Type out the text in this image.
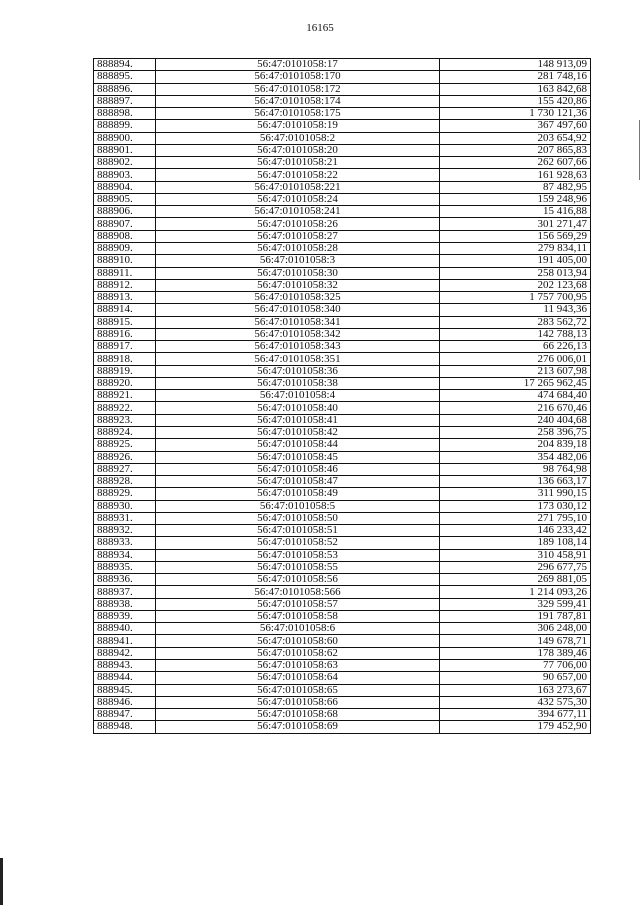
16165
888894.	56:47:0101058:17	148 913,09
888895.	56:47:0101058:170	281 748,16
888896.	56:47:0101058:172	163 842,68
888897.	56:47:0101058:174	155 420,86
888898.	56:47:0101058:175	1 730 121,36
888899.	56:47:0101058:19	367 497,60
888900.	56:47:0101058:2	203 654,92
888901.	56:47:0101058:20	207 865,83
888902.	56:47:0101058:21	262 607,66
888903.	56:47:0101058:22	161 928,63
888904.	56:47:0101058:221	87 482,95
888905.	56:47:0101058:24	159 248,96
888906.	56:47:0101058:241	15 416,88
888907.	56:47:0101058:26	301 271,47
888908.	56:47:0101058:27	156 569,29
888909.	56:47:0101058:28	279 834,11
888910.	56:47:0101058:3	191 405,00
888911.	56:47:0101058:30	258 013,94
888912.	56:47:0101058:32	202 123,68
888913.	56:47:0101058:325	1 757 700,95
888914.	56:47:0101058:340	11 943,36
888915.	56:47:0101058:341	283 562,72
888916.	56:47:0101058:342	142 788,13
888917.	56:47:0101058:343	66 226,13
888918.	56:47:0101058:351	276 006,01
888919.	56:47:0101058:36	213 607,98
888920.	56:47:0101058:38	17 265 962,45
888921.	56:47:0101058:4	474 684,40
888922.	56:47:0101058:40	216 670,46
888923.	56:47:0101058:41	240 404,68
888924.	56:47:0101058:42	258 396,75
888925.	56:47:0101058:44	204 839,18
888926.	56:47:0101058:45	354 482,06
888927.	56:47:0101058:46	98 764,98
888928.	56:47:0101058:47	136 663,17
888929.	56:47:0101058:49	311 990,15
888930.	56:47:0101058:5	173 030,12
888931.	56:47:0101058:50	271 795,10
888932.	56:47:0101058:51	146 233,42
888933.	56:47:0101058:52	189 108,14
888934.	56:47:0101058:53	310 458,91
888935.	56:47:0101058:55	296 677,75
888936.	56:47:0101058:56	269 881,05
888937.	56:47:0101058:566	1 214 093,26
888938.	56:47:0101058:57	329 599,41
888939.	56:47:0101058:58	191 787,81
888940.	56:47:0101058:6	306 248,00
888941.	56:47:0101058:60	149 678,71
888942.	56:47:0101058:62	178 389,46
888943.	56:47:0101058:63	77 706,00
888944.	56:47:0101058:64	90 657,00
888945.	56:47:0101058:65	163 273,67
888946.	56:47:0101058:66	432 575,30
888947.	56:47:0101058:68	394 677,11
888948.	56:47:0101058:69	179 452,90
